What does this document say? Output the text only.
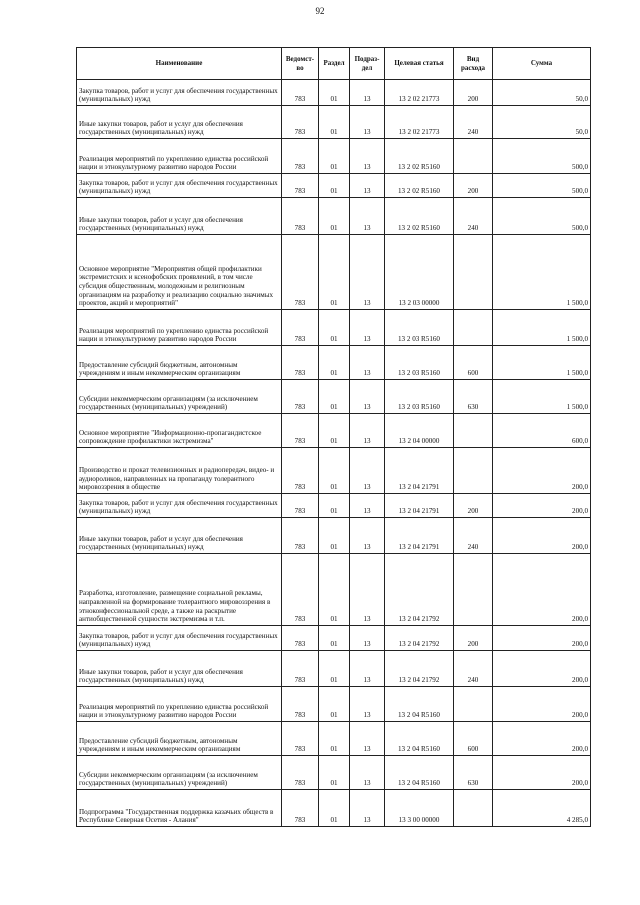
92
Наименование	Ведомст-во	Раздел	Подраз-дел	Целевая статья	Вид расхода	Сумма
Закупка товаров, работ и услуг для обеспечения государственных (муниципальных) нужд	783	01	13	13 2 02 21773	200	50,0
Иные закупки товаров, работ и услуг для обеспечения государственных (муниципальных) нужд	783	01	13	13 2 02 21773	240	50,0
Реализация мероприятий по укреплению единства российской нации и этнокультурному развитию народов России	783	01	13	13 2 02 R5160		500,0
Закупка товаров, работ и услуг для обеспечения государственных (муниципальных) нужд	783	01	13	13 2 02 R5160	200	500,0
Иные закупки товаров, работ и услуг для обеспечения государственных (муниципальных) нужд	783	01	13	13 2 02 R5160	240	500,0
Основное мероприятие "Мероприятия общей профилактики экстремистских и ксенофобских проявлений, в том числе субсидия общественным, молодежным и религиозным организациям на разработку и реализацию социально значимых проектов, акций и мероприятий"	783	01	13	13 2 03 00000		1 500,0
Реализация мероприятий по укреплению единства российской нации и этнокультурному развитию народов России	783	01	13	13 2 03 R5160		1 500,0
Предоставление субсидий бюджетным, автономным учреждениям и иным некоммерческим организациям	783	01	13	13 2 03 R5160	600	1 500,0
Субсидии некоммерческим организациям (за исключением государственных (муниципальных) учреждений)	783	01	13	13 2 03 R5160	630	1 500,0
Основное мероприятие "Информационно-пропагандистское сопровождение профилактики экстремизма"	783	01	13	13 2 04 00000		600,0
Производство и прокат телевизионных и радиопередач, видео- и аудиороликов, направленных на пропаганду толерантного мировоззрения в обществе	783	01	13	13 2 04 21791		200,0
Закупка товаров, работ и услуг для обеспечения государственных (муниципальных) нужд	783	01	13	13 2 04 21791	200	200,0
Иные закупки товаров, работ и услуг для обеспечения государственных (муниципальных) нужд	783	01	13	13 2 04 21791	240	200,0
Разработка, изготовление, размещение социальной рекламы, направленной на формирование толерантного мировоззрения в этноконфессиональной среде, а также на раскрытие антиобщественной сущности экстремизма и т.п.	783	01	13	13 2 04 21792		200,0
Закупка товаров, работ и услуг для обеспечения государственных (муниципальных) нужд	783	01	13	13 2 04 21792	200	200,0
Иные закупки товаров, работ и услуг для обеспечения государственных (муниципальных) нужд	783	01	13	13 2 04 21792	240	200,0
Реализация мероприятий по укреплению единства российской нации и этнокультурному развитию народов России	783	01	13	13 2 04 R5160		200,0
Предоставление субсидий бюджетным, автономным учреждениям и иным некоммерческим организациям	783	01	13	13 2 04 R5160	600	200,0
Субсидии некоммерческим организациям (за исключением государственных (муниципальных) учреждений)	783	01	13	13 2 04 R5160	630	200,0
Подпрограмма "Государственная поддержка казачьих обществ в Республике Северная Осетия - Алания"	783	01	13	13 3 00 00000		4 285,0
